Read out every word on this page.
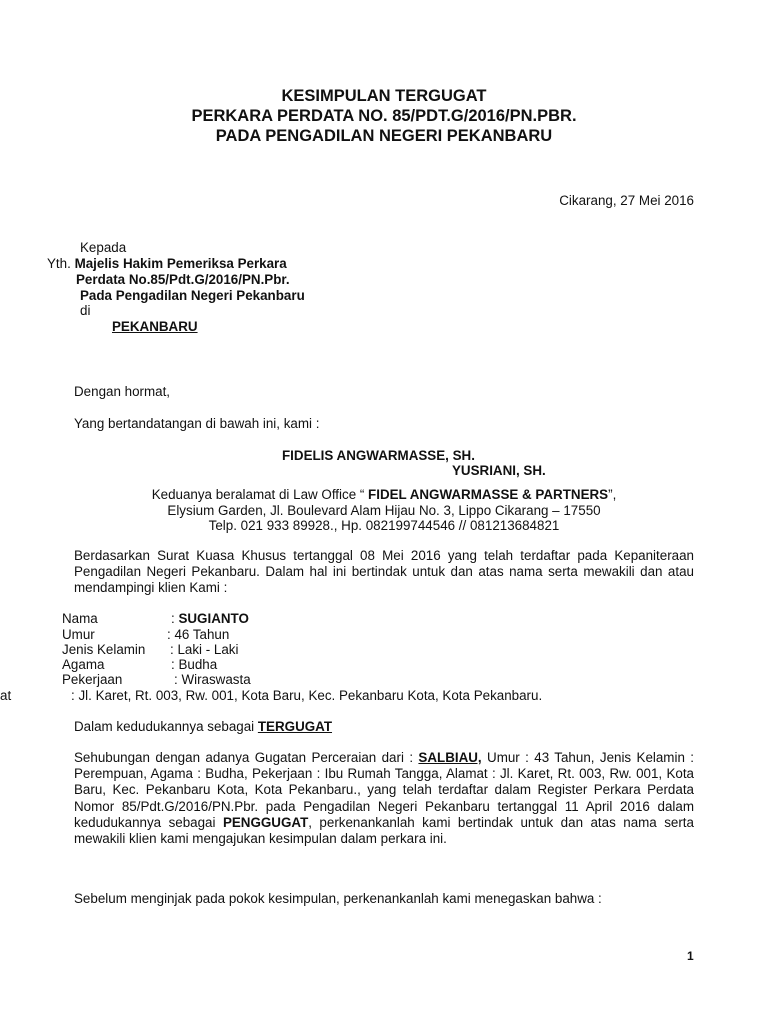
KESIMPULAN TERGUGAT
PERKARA PERDATA NO. 85/PDT.G/2016/PN.PBR.
PADA PENGADILAN NEGERI PEKANBARU
Cikarang, 27 Mei 2016
Kepada
Yth. Majelis Hakim Pemeriksa Perkara
Perdata No.85/Pdt.G/2016/PN.Pbr.
Pada Pengadilan Negeri Pekanbaru
di
PEKANBARU
Dengan hormat,
Yang bertandatangan di bawah ini, kami :
FIDELIS ANGWARMASSE, SH.
YUSRIANI, SH.
Keduanya beralamat di Law Office “ FIDEL ANGWARMASSE & PARTNERS”,
Elysium Garden, Jl. Boulevard Alam Hijau No. 3, Lippo Cikarang – 17550
Telp. 021 933 89928., Hp. 082199744546 // 081213684821
Berdasarkan Surat Kuasa Khusus tertanggal 08 Mei 2016 yang telah terdaftar pada Kepaniteraan Pengadilan Negeri Pekanbaru. Dalam hal ini bertindak untuk dan atas nama serta mewakili dan atau mendampingi klien Kami :
Nama	: SUGIANTO
Umur	: 46 Tahun
Jenis Kelamin : Laki - Laki
Agama	: Budha
Pekerjaan	: Wiraswasta
at	: Jl. Karet, Rt. 003, Rw. 001, Kota Baru, Kec. Pekanbaru Kota, Kota Pekanbaru.
Dalam kedudukannya sebagai TERGUGAT
Sehubungan dengan adanya Gugatan Perceraian dari : SALBIAU, Umur : 43 Tahun, Jenis Kelamin : Perempuan, Agama : Budha, Pekerjaan : Ibu Rumah Tangga, Alamat : Jl. Karet, Rt. 003, Rw. 001, Kota Baru, Kec. Pekanbaru Kota, Kota Pekanbaru., yang telah terdaftar dalam Register Perkara Perdata Nomor 85/Pdt.G/2016/PN.Pbr. pada Pengadilan Negeri Pekanbaru tertanggal 11 April 2016 dalam kedudukannya sebagai PENGGUGAT, perkenankanlah kami bertindak untuk dan atas nama serta mewakili klien kami mengajukan kesimpulan dalam perkara ini.
Sebelum menginjak pada pokok kesimpulan, perkenankanlah kami menegaskan bahwa :
1
